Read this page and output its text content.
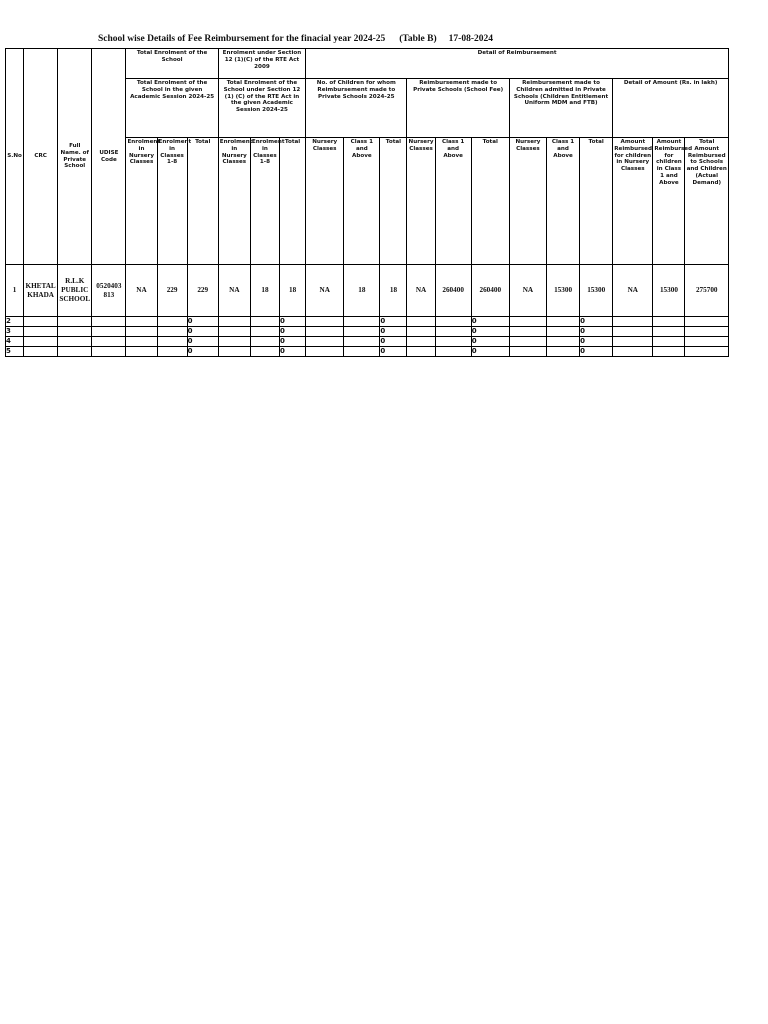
School wise Details of Fee Reimbursement for the finacial year 2024-25 (Table B) 17-08-2024
S.No	CRC	Full Name. of Private School	UDISE Code	Total Enrolment of the School			Enrolment under Section 12 (1)(C) of the RTE Act 2009			Detail of Reimbursement											
				Total Enrolment of the School in the given Academic Session 2024-25			Total Enrolment of the School under Section 12 (1) (C) of the RTE Act in the given Academic Session 2024-25			No. of Children for whom Reimbursement made to Private Schools 2024-25			Reimbursement made to Private Schools (School Fee)			Reimbursement made to Children admitted in Private Schools (Children Entitlement Uniform MDM and FTB)			Detail of Amount (Rs. in lakh)		
				Enrolment in Nursery Classes	Enrolment in Classes 1-8	Total	Enrolment in Nursery Classes	Enrolment in Classes 1-8	Total	Nursery Classes	Class 1 and Above	Total	Nursery Classes	Class 1 and Above	Total	Nursery Classes	Class 1 and Above	Total	Amount Reimbursed for children in Nursery Classes	Amount Reimbursed for children in Class 1 and Above	Total Amount Reimbursed to Schools and Children (Actual Demand)

1	KHETAL KHADA	R.L.K PUBLIC SCHOOL	0520403 813	NA	229	229	NA	18	18	NA	18	18	NA	260400	260400	NA	15300	15300	NA	15300	275700
2						0			0			0			0			0			
3						0			0			0			0			0			
4						0			0			0			0			0			
5						0			0			0			0			0			
